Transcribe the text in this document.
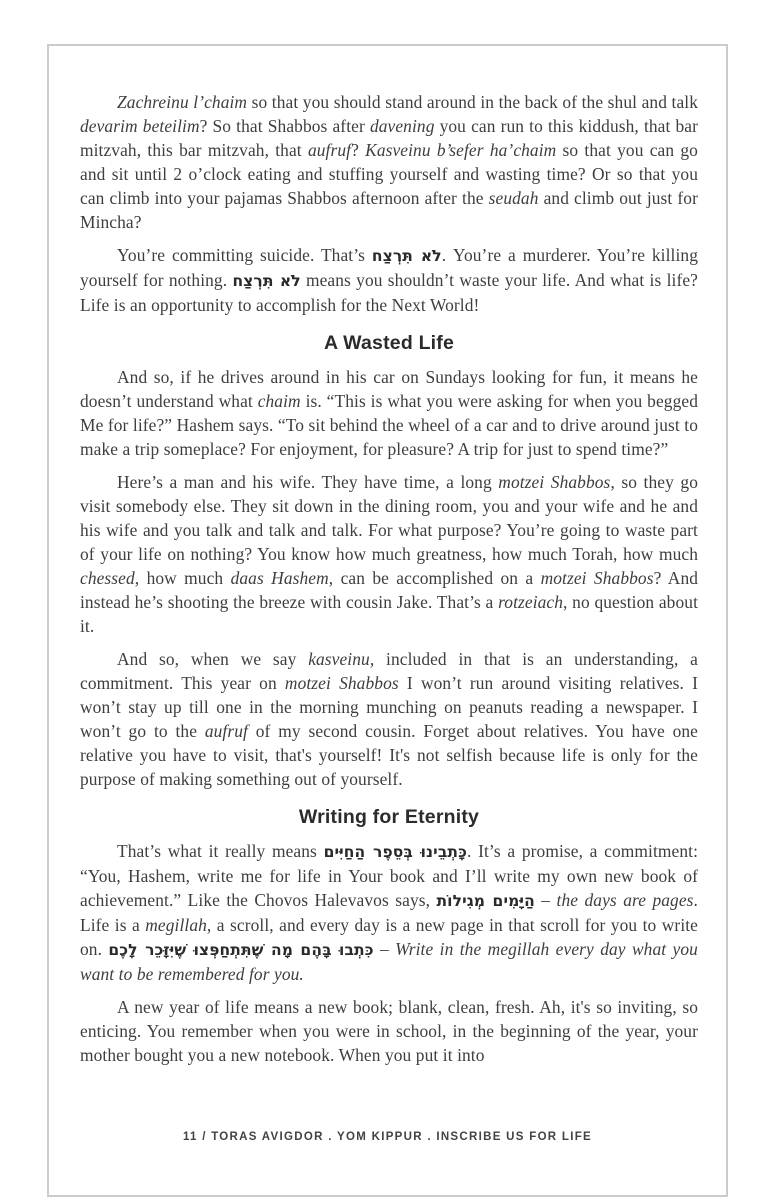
Zachreinu l’chaim so that you should stand around in the back of the shul and talk devarim beteilim? So that Shabbos after davening you can run to this kiddush, that bar mitzvah, this bar mitzvah, that aufruf? Kasveinu b’sefer ha’chaim so that you can go and sit until 2 o’clock eating and stuffing yourself and wasting time? Or so that you can climb into your pajamas Shabbos afternoon after the seudah and climb out just for Mincha?

You’re committing suicide. That’s לֹא תִּרְצַח. You’re a murderer. You’re killing yourself for nothing. לֹא תִּרְצַח means you shouldn’t waste your life. And what is life? Life is an opportunity to accomplish for the Next World!

A Wasted Life

And so, if he drives around in his car on Sundays looking for fun, it means he doesn’t understand what chaim is. “This is what you were asking for when you begged Me for life?” Hashem says. “To sit behind the wheel of a car and to drive around just to make a trip someplace? For enjoyment, for pleasure? A trip for just to spend time?”

Here’s a man and his wife. They have time, a long motzei Shabbos, so they go visit somebody else. They sit down in the dining room, you and your wife and he and his wife and you talk and talk and talk. For what purpose? You’re going to waste part of your life on nothing? You know how much greatness, how much Torah, how much chessed, how much daas Hashem, can be accomplished on a motzei Shabbos? And instead he’s shooting the breeze with cousin Jake. That’s a rotzeiach, no question about it.

And so, when we say kasveinu, included in that is an understanding, a commitment. This year on motzei Shabbos I won’t run around visiting relatives. I won’t stay up till one in the morning munching on peanuts reading a newspaper. I won’t go to the aufruf of my second cousin. Forget about relatives. You have one relative you have to visit, that's yourself! It's not selfish because life is only for the purpose of making something out of yourself.

Writing for Eternity

That’s what it really means כָּתְבֵינוּ בְּסֵפֶר הַחַיִּים. It’s a promise, a commitment: “You, Hashem, write me for life in Your book and I’ll write my own new book of achievement.” Like the Chovos Halevavos says, הַיָּמִים מְגִילוֹת – the days are pages. Life is a megillah, a scroll, and every day is a new page in that scroll for you to write on. כִּתְבוּ בָּהֶם מָה שֶׁתִּתְחַפְּצוּ שֶׁיִּזָּכֵר לָכֶם – Write in the megillah every day what you want to be remembered for you.

A new year of life means a new book; blank, clean, fresh. Ah, it's so inviting, so enticing. You remember when you were in school, in the beginning of the year, your mother bought you a new notebook. When you put it into

11 / TORAS AVIGDOR . YOM KIPPUR . INSCRIBE US FOR LIFE
